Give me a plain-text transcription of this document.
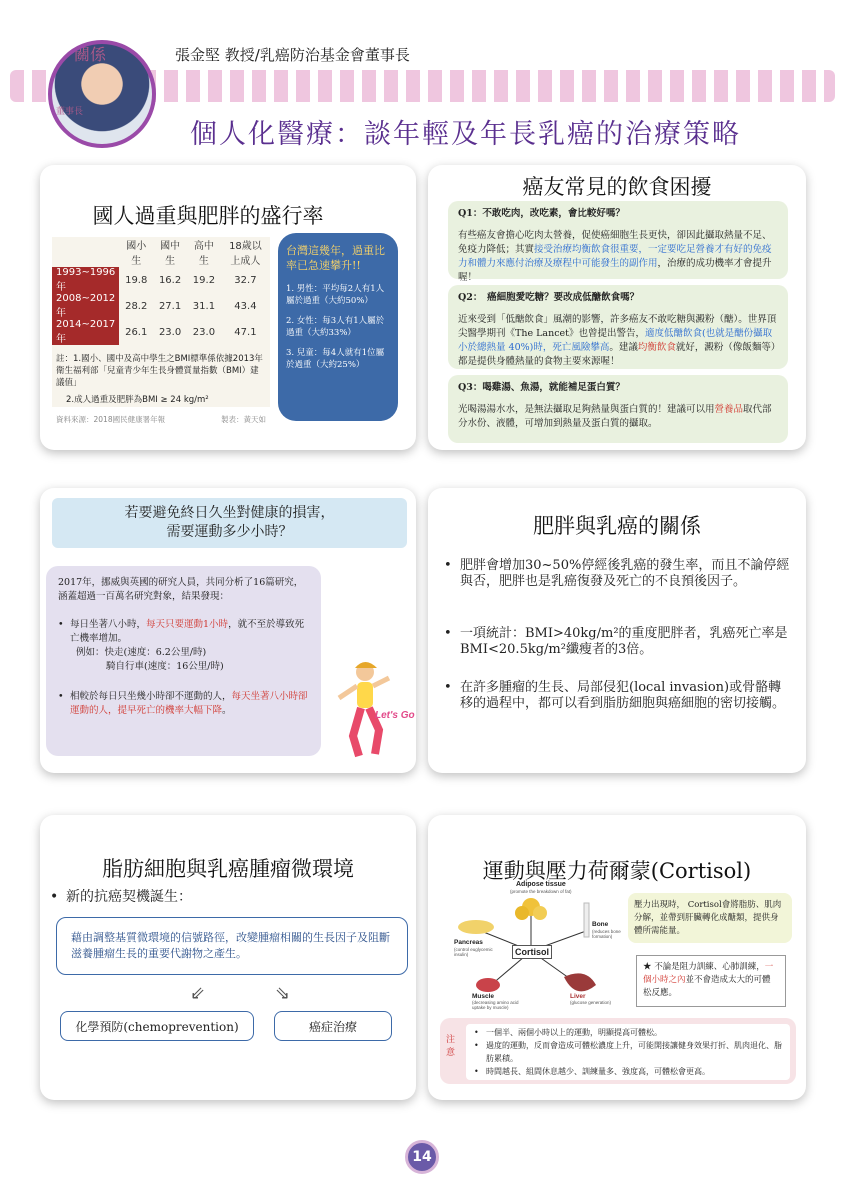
關係
董事長
張金堅 教授/乳癌防治基金會董事長
個人化醫療：談年輕及年長乳癌的治療策略
國人過重與肥胖的盛行率
	國小生	國中生	高中生	18歲以上成人
1993~1996年	19.8	16.2	19.2	32.7
2008~2012年	28.2	27.1	31.1	43.4
2014~2017年	26.1	23.0	23.0	47.1
註：1.國小、國中及高中學生之BMI標準係依據2013年衛生福利部「兒童青少年生長身體質量指數（BMI）建議值」
2.成人過重及肥胖為BMI ≥ 24 kg/m²
資料來源：2018國民健康署年報	製表：黃天如
台灣這幾年，過重比率已急速攀升!!
1. 男性：平均每2人有1人屬於過重（大約50%）
2. 女性：每3人有1人屬於過重（大約33%）
3. 兒童：每4人就有1位屬於過重（大約25%）
癌友常見的飲食困擾
Q1：不敢吃肉，改吃素，會比較好嗎？
有些癌友會擔心吃肉太營養，促使癌細胞生長更快，卻因此攝取熱量不足、免疫力降低；其實接受治療均衡飲食很重要，一定要吃足營養才有好的免疫力和體力來應付治療及療程中可能發生的副作用，治療的成功機率才會提升喔！
Q2：　癌細胞愛吃糖？要改成低醣飲食嗎？
近來受到「低醣飲食」風潮的影響，許多癌友不敢吃糖與澱粉（醣）。世界頂尖醫學期刊《The Lancet》也曾提出警告，適度低醣飲食(也就是醣份攝取小於總熱量 40%)時，死亡風險攀高。建議均衡飲食就好，澱粉（像飯麵等）都是提供身體熱量的食物主要來源喔！
Q3：喝雞湯、魚湯，就能補足蛋白質？
光喝湯湯水水，是無法攝取足夠熱量與蛋白質的！建議可以用營養品取代部分水份、液體，可增加到熱量及蛋白質的攝取。
若要避免終日久坐對健康的損害，
需要運動多少小時？
2017年，挪威與英國的研究人員，共同分析了16篇研究，涵蓋超過一百萬名研究對象，結果發現：
• 每日坐著八小時，每天只要運動1小時，就不至於導致死亡機率增加。
例如：快走(速度：6.2公里/時)
騎自行車(速度：16公里/時)
• 相較於每日只坐幾小時卻不運動的人，每天坐著八小時卻運動的人，提早死亡的機率大幅下降。	Let's Go
肥胖與乳癌的關係
• 肥胖會增加30~50%停經後乳癌的發生率，而且不論停經與否，肥胖也是乳癌復發及死亡的不良預後因子。
• 一項統計：BMI>40kg/m²的重度肥胖者，乳癌死亡率是BMI<20.5kg/m²纖瘦者的3倍。
• 在許多腫瘤的生長、局部侵犯(local invasion)或骨骼轉移的過程中，都可以看到脂肪細胞與癌細胞的密切接觸。
脂肪細胞與乳癌腫瘤微環境
• 新的抗癌契機誕生：
藉由調整基質微環境的信號路徑，改變腫瘤相關的生長因子及阻斷滋養腫瘤生長的重要代謝物之產生。
⇙	⇘
化學預防(chemoprevention)	癌症治療
運動與壓力荷爾蒙(Cortisol)
Adipose tissue
(promote the breakdown of fat)
Bone
(reduces bone formation)
Pancreas
(control euglycemic insulin)	Cortisol
Muscle
(decreasing amino acid uptake by muscle)
Liver
(glucose generation)
壓力出現時， Cortisol會將脂肪、肌肉分解，並帶到肝臟轉化成醣類，提供身體所需能量。
★ 不論是阻力訓練、心肺訓練，一個小時之內並不會造成太大的可體松反應。
注意
• 一個半、兩個小時以上的運動，明顯提高可體松。
• 過度的運動，反而會造成可體松濃度上升，可能開接讓健身效果打折、肌肉退化、脂肪累積。
• 時間越長、組間休息越少、訓練量多、強度高，可體松會更高。
14
